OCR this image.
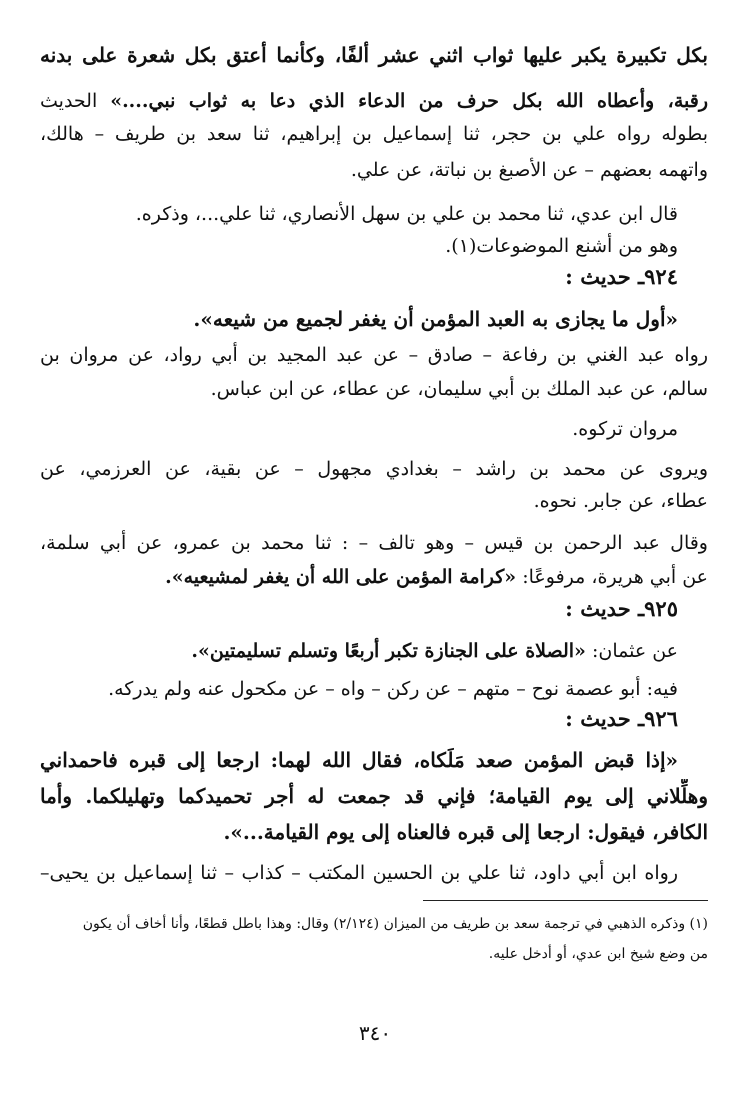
بكل تكبيرة يكبر عليها ثواب اثني عشر ألفًا، وكأنما أعتق بكل شعرة على بدنه
رقبة، وأعطاه الله بكل حرف من الدعاء الذي دعا به ثواب نبي....» الحديث
بطوله رواه علي بن حجر، ثنا إسماعيل بن إبراهيم، ثنا سعد بن طريف – هالك،
واتهمه بعضهم – عن الأصبغ بن نباتة، عن علي.
قال ابن عدي، ثنا محمد بن علي بن سهل الأنصاري، ثنا علي...، وذكره.
وهو من أشنع الموضوعات(١).
٩٢٤ـ حديث :
«أول ما يجازى به العبد المؤمن أن يغفر لجميع من شيعه».
رواه عبد الغني بن رفاعة – صادق – عن عبد المجيد بن أبي رواد، عن مروان بن
سالم، عن عبد الملك بن أبي سليمان، عن عطاء، عن ابن عباس.
مروان تركوه.
ويروى عن محمد بن راشد – بغدادي مجهول – عن بقية، عن العرزمي، عن
عطاء، عن جابر. نحوه.
وقال عبد الرحمن بن قيس – وهو تالف – : ثنا محمد بن عمرو، عن أبي سلمة،
عن أبي هريرة، مرفوعًا: «كرامة المؤمن على الله أن يغفر لمشيعيه».
٩٢٥ـ حديث :
عن عثمان: «الصلاة على الجنازة تكبر أربعًا وتسلم تسليمتين».
فيه: أبو عصمة نوح – متهم – عن ركن – واه – عن مكحول عنه ولم يدركه.
٩٢٦ـ حديث :
«إذا قبض المؤمن صعد مَلَكاه، فقال الله لهما: ارجعا إلى قبره فاحمداني
وهلِّلاني إلى يوم القيامة؛ فإني قد جمعت له أجر تحميدكما وتهليلكما. وأما
الكافر، فيقول: ارجعا إلى قبره فالعناه إلى يوم القيامة...».
رواه ابن أبي داود، ثنا علي بن الحسين المكتب – كذاب – ثنا إسماعيل بن يحيى–
(١) وذكره الذهبي في ترجمة سعد بن طريف من الميزان (٢/١٢٤) وقال: وهذا باطل قطعًا، وأنا أخاف أن يكون
من وضع شيخ ابن عدي، أو أدخل عليه.
٣٤٠
